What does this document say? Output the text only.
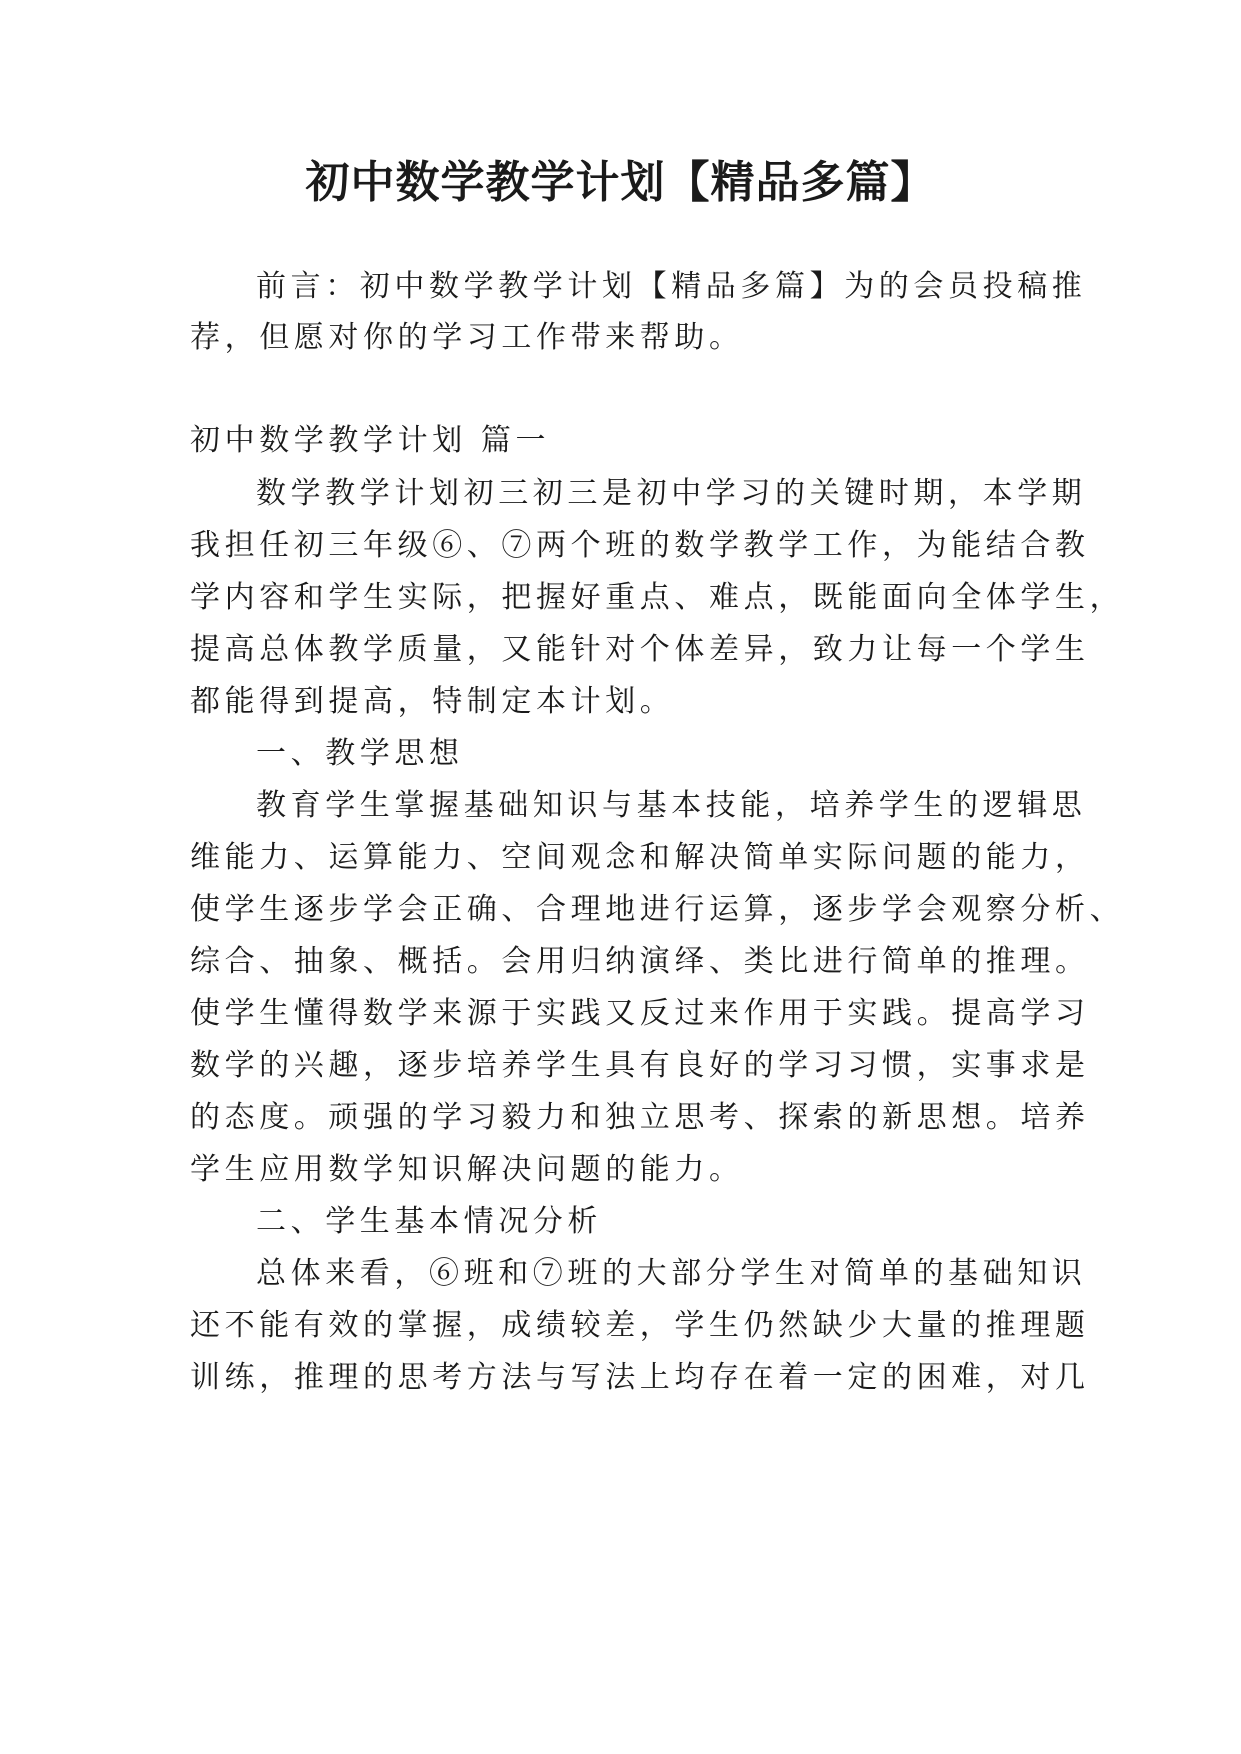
初中数学教学计划【精品多篇】
前言：初中数学教学计划【精品多篇】为的会员投稿推
荐，但愿对你的学习工作带来帮助。
初中数学教学计划 篇一
数学教学计划初三初三是初中学习的关键时期，本学期
我担任初三年级⑥、⑦两个班的数学教学工作，为能结合教
学内容和学生实际，把握好重点、难点，既能面向全体学生，
提高总体教学质量，又能针对个体差异，致力让每一个学生
都能得到提高，特制定本计划。
一、教学思想
教育学生掌握基础知识与基本技能，培养学生的逻辑思
维能力、运算能力、空间观念和解决简单实际问题的能力，
使学生逐步学会正确、合理地进行运算，逐步学会观察分析、
综合、抽象、概括。会用归纳演绎、类比进行简单的推理。
使学生懂得数学来源于实践又反过来作用于实践。提高学习
数学的兴趣，逐步培养学生具有良好的学习习惯，实事求是
的态度。顽强的学习毅力和独立思考、探索的新思想。培养
学生应用数学知识解决问题的能力。
二、学生基本情况分析
总体来看，⑥班和⑦班的大部分学生对简单的基础知识
还不能有效的掌握，成绩较差，学生仍然缺少大量的推理题
训练，推理的思考方法与写法上均存在着一定的困难，对几
